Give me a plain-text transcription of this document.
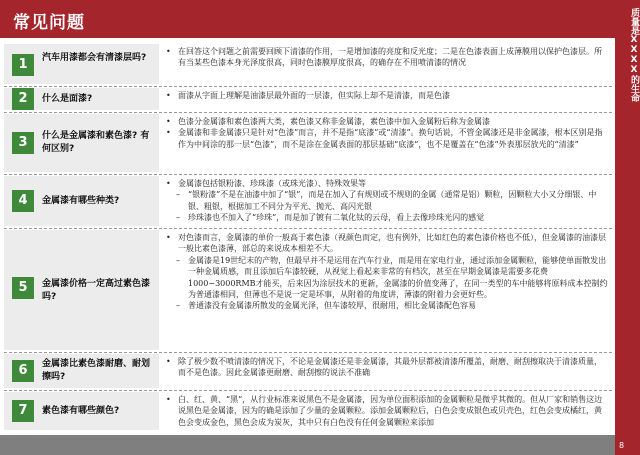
常见问题	质量是XXXX的生命
8
1	汽车用漆都会有清漆层吗?
• 在回答这个问题之前需要回顾下清漆的作用，一是增加漆的亮度和反光度；二是在色漆表面上成薄膜用以保护色漆层。所有当某些色漆本身光泽度很高，同时色漆膜厚度很高，的确存在不用喷清漆的情况
2	什么是面漆?	• 面漆从字面上理解是油漆层最外面的一层漆，但实际上却不是清漆，而是色漆
3	什么是金属漆和素色漆? 有何区别?
• 色漆分金属漆和素色漆两大类，素色漆又称非金属漆，素色漆中加入金属粉后称为金属漆
• 金属漆和非金属漆只是针对“色漆”而言，并不是指“底漆”或“清漆”。换句话说，不管金属漆还是非金属漆，根本区别是指作为中间涂的那一层“色漆”，而不是涂在金属表面的那层基础“底漆”，也不是覆盖在“色漆”外表那层放光的“清漆”
4	金属漆有哪些种类?
• 金属漆包括银粉漆、珍珠漆（或珠光漆）、特殊效果等
– “银粉漆”不是在油漆中加了“银”，而是在加入了有规则或不规则的金属（通常是铝）颗粒，因颗粒大小又分细银、中银、粗银，根据加工不同分为平光、抛光、高闪光银
– 珍珠漆也不加入了“珍珠”，而是加了镀有二氧化钛的云母，看上去像珍珠光闪的感觉
5	金属漆价格一定高过素色漆吗?
• 对色漆而言，金属漆的单价一般高于素色漆（视颜色而定，也有例外，比如红色的素色漆价格也不低），但金属漆的油漆层一般比素色漆薄，部总的来说成本相差不大。
– 金属漆是19世纪末的产物，但最早并不是运用在汽车行业，而是用在家电行业，通过添加金属颗粒，能够使单面散发出一种金属质感，而且添加后车漆较硬，从视觉上看起来非常的有档次，甚至在早期金属漆是需要多花费1000~3000RMB才能买，后来因为涂层技术的更新，金属漆的价值变薄了，在同一类型的车中能够将原料成本控制约为普通漆相同，但薄也不是说一定是坏事，从附着的角度讲，薄漆的附着力会更好些。
– 普通漆没有金属漆所散发的金属光泽，但车漆较厚，很耐用，相比金属漆配色容易
6	金属漆比素色漆耐磨、耐划擦吗?
• 除了极少数不喷清漆的情况下，不论是金属漆还是非金属漆，其最外层都被清漆所覆盖，耐磨、耐刮擦取决于清漆质量，而不是色漆。因此金属漆更耐磨、耐刮擦的说法不准确
7	素色漆有哪些颜色?
• 白、红、黄、“黑”，从行业标准来说黑色不是金属漆，因为单位面积添加的金属颗粒是微乎其微的。但从厂家和销售这边说黑色是金属漆，因为的确是添加了少量的金属颗粒。添加金属颗粒后，白色会变成银色或贝壳色，红色会变成橘红，黄色会变成金色，黑色会成为炭灰，其中只有白色没有任何金属颗粒来添加
